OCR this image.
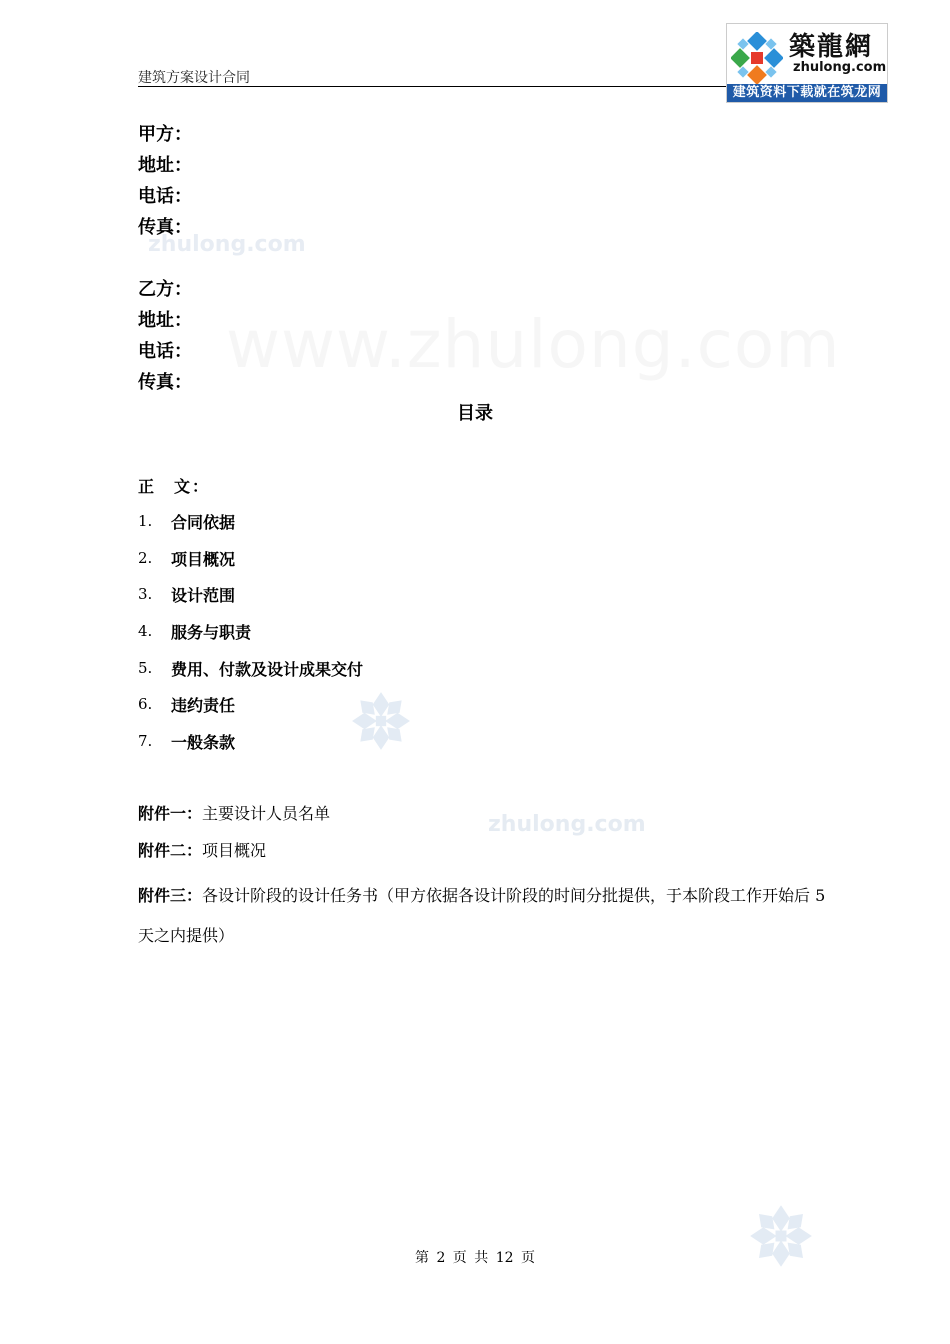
建筑方案设计合同
築龍網
zhulong.com
建筑资料下载就在筑龙网
zhulong.com
www.zhulong.com
zhulong.com
甲方：
地址：
电话：
传真：
乙方：
地址：
电话：
传真：
目录
正　文：
1. 合同依据
2. 项目概况
3. 设计范围
4. 服务与职责
5. 费用、付款及设计成果交付
6. 违约责任
7. 一般条款
附件一：主要设计人员名单
附件二：项目概况
附件三：各设计阶段的设计任务书（甲方依据各设计阶段的时间分批提供，于本阶段工作开始后 5 天之内提供）
第 2 页 共 12 页
